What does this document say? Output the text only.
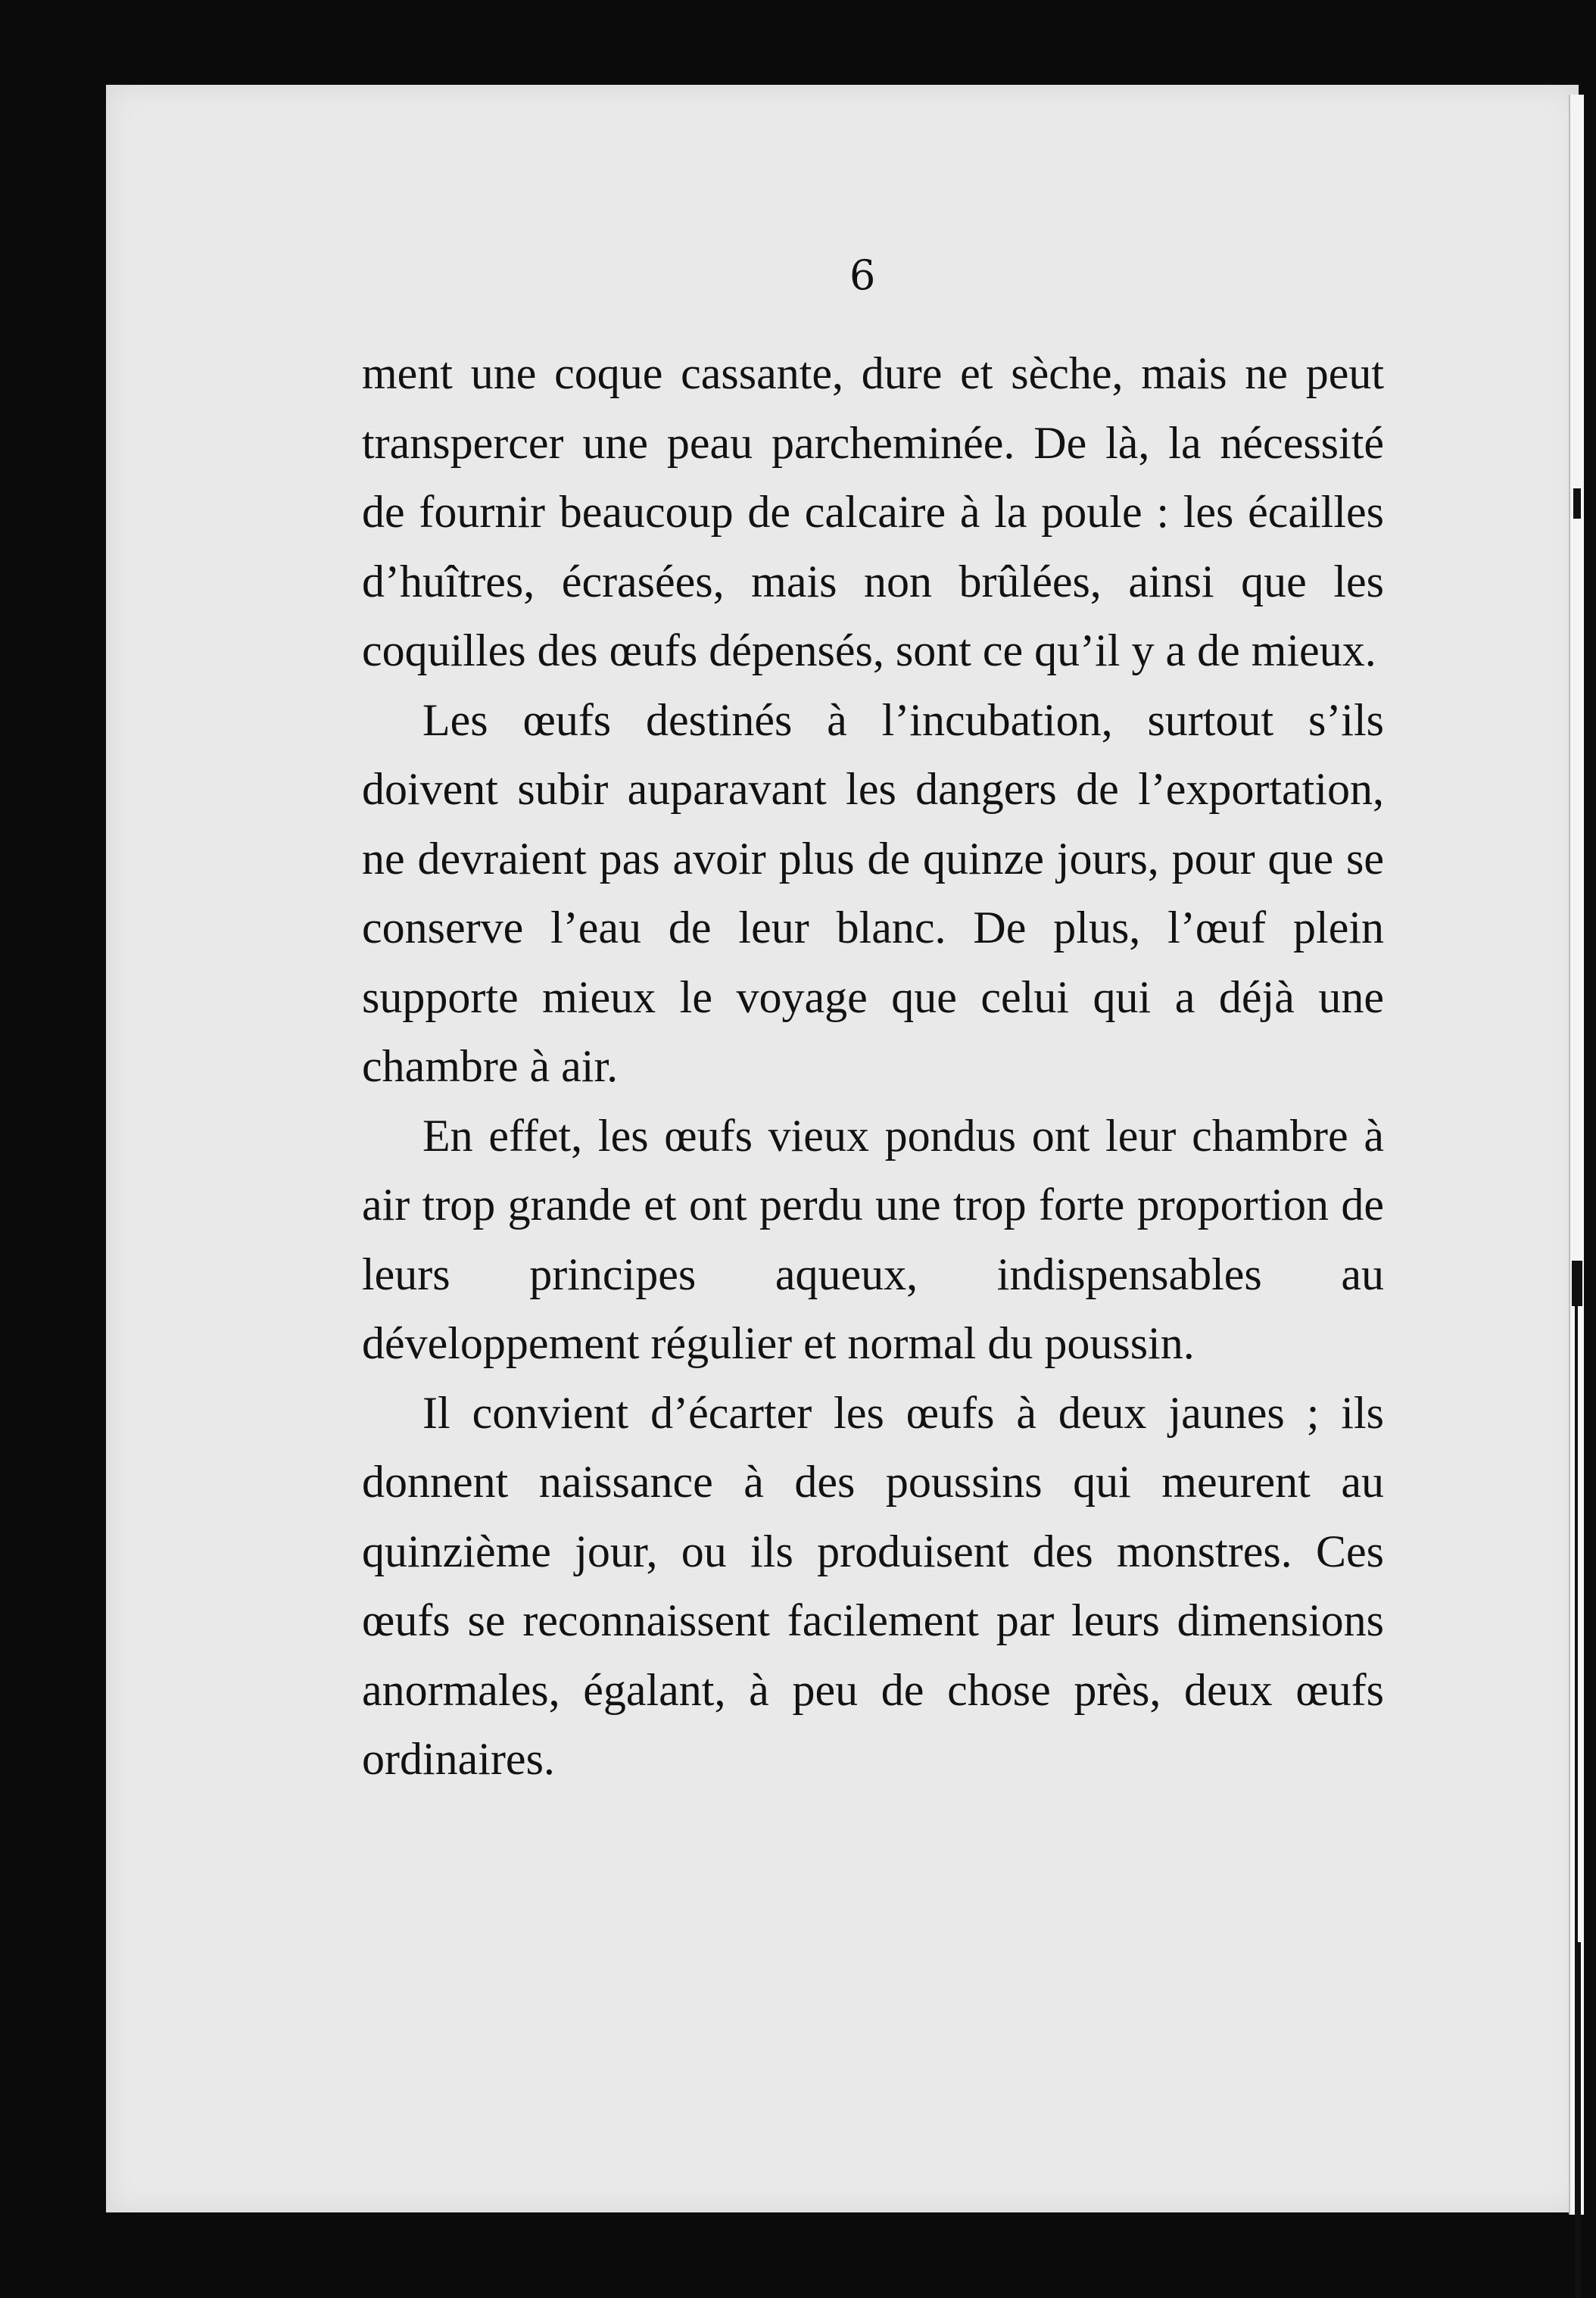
6

ment une coque cassante, dure et sèche, mais ne peut transpercer une peau parcheminée. De là, la nécessité de fournir beaucoup de calcaire à la poule : les écailles d’huîtres, écrasées, mais non brûlées, ainsi que les coquilles des œufs dépensés, sont ce qu’il y a de mieux.

Les œufs destinés à l’incubation, surtout s’ils doivent subir auparavant les dangers de l’exportation, ne devraient pas avoir plus de quinze jours, pour que se conserve l’eau de leur blanc. De plus, l’œuf plein supporte mieux le voyage que celui qui a déjà une chambre à air.

En effet, les œufs vieux pondus ont leur chambre à air trop grande et ont perdu une trop forte proportion de leurs principes aqueux, indispensables au développement régulier et normal du poussin.

Il convient d’écarter les œufs à deux jaunes ; ils donnent naissance à des poussins qui meurent au quinzième jour, ou ils produisent des monstres. Ces œufs se reconnaissent facilement par leurs dimensions anormales, égalant, à peu de chose près, deux œufs ordinaires.
